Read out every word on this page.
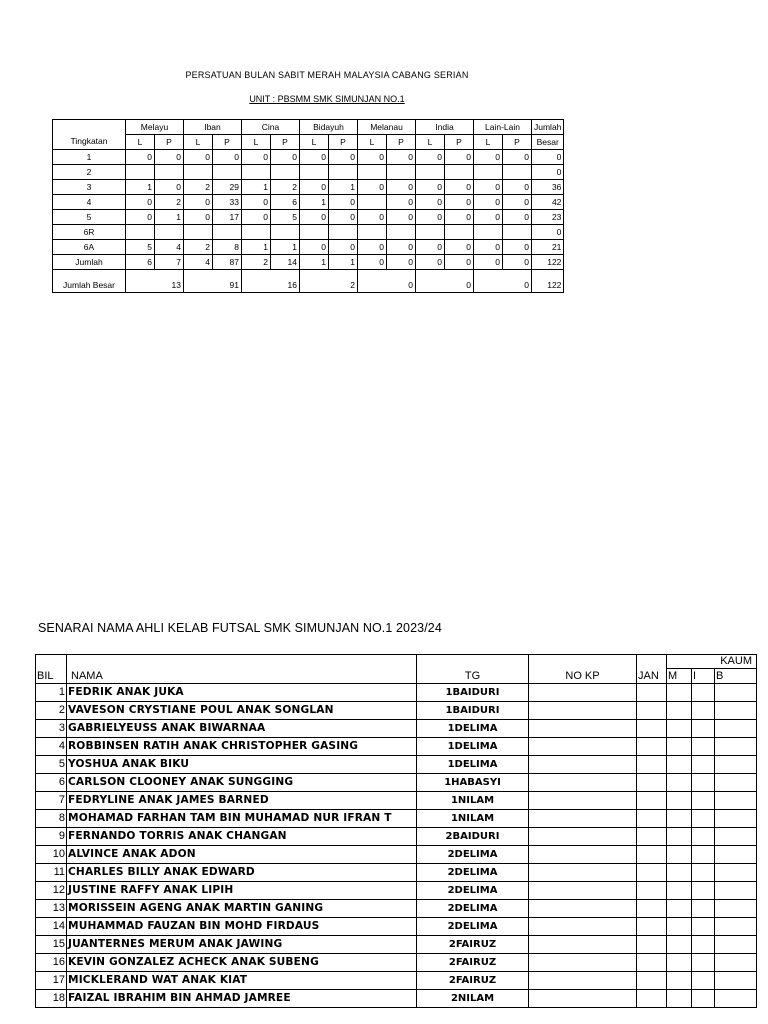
PERSATUAN BULAN SABIT MERAH MALAYSIA CABANG SERIAN
UNIT : PBSMM SMK SIMUNJAN NO.1
	Melayu		Iban		Cina		Bidayuh		Melanau		India		Lain-Lain		Jumlah
Tingkatan	L	P	L	P	L	P	L	P	L	P	L	P	L	P	Besar
1	0	0	0	0	0	0	0	0	0	0	0	0	0	0	0
2															0
3	1	0	2	29	1	2	0	1	0	0	0	0	0	0	36
4	0	2	0	33	0	6	1	0		0	0	0	0	0	42
5	0	1	0	17	0	5	0	0	0	0	0	0	0	0	23
6R															0
6A	5	4	2	8	1	1	0	0	0	0	0	0	0	0	21
Jumlah	6	7	4	87	2	14	1	1	0	0	0	0	0	0	122
Jumlah Besar	13		91		16		2		0		0		0		122
SENARAI NAMA AHLI KELAB FUTSAL SMK SIMUNJAN NO.1 2023/24
					KAUM		
BIL	NAMA	TG	NO KP	JAN	M	I	B
1	FEDRIK ANAK JUKA	1BAIDURI					
2	VAVESON CRYSTIANE POUL ANAK SONGLAN	1BAIDURI					
3	GABRIELYEUSS ANAK BIWARNAA	1DELIMA					
4	ROBBINSEN RATIH ANAK CHRISTOPHER GASING	1DELIMA					
5	YOSHUA ANAK BIKU	1DELIMA					
6	CARLSON CLOONEY ANAK SUNGGING	1HABASYI					
7	FEDRYLINE ANAK JAMES BARNED	1NILAM					
8	MOHAMAD FARHAN TAM BIN MUHAMAD NUR IFRAN T	1NILAM					
9	FERNANDO TORRIS ANAK CHANGAN	2BAIDURI					
10	ALVINCE ANAK ADON	2DELIMA					
11	CHARLES BILLY ANAK EDWARD	2DELIMA					
12	JUSTINE RAFFY ANAK LIPIH	2DELIMA					
13	MORISSEIN AGENG ANAK MARTIN GANING	2DELIMA					
14	MUHAMMAD FAUZAN BIN MOHD FIRDAUS	2DELIMA					
15	JUANTERNES MERUM ANAK JAWING	2FAIRUZ					
16	KEVIN GONZALEZ ACHECK ANAK SUBENG	2FAIRUZ					
17	MICKLERAND WAT ANAK KIAT	2FAIRUZ					
18	FAIZAL IBRAHIM BIN AHMAD JAMREE	2NILAM					
